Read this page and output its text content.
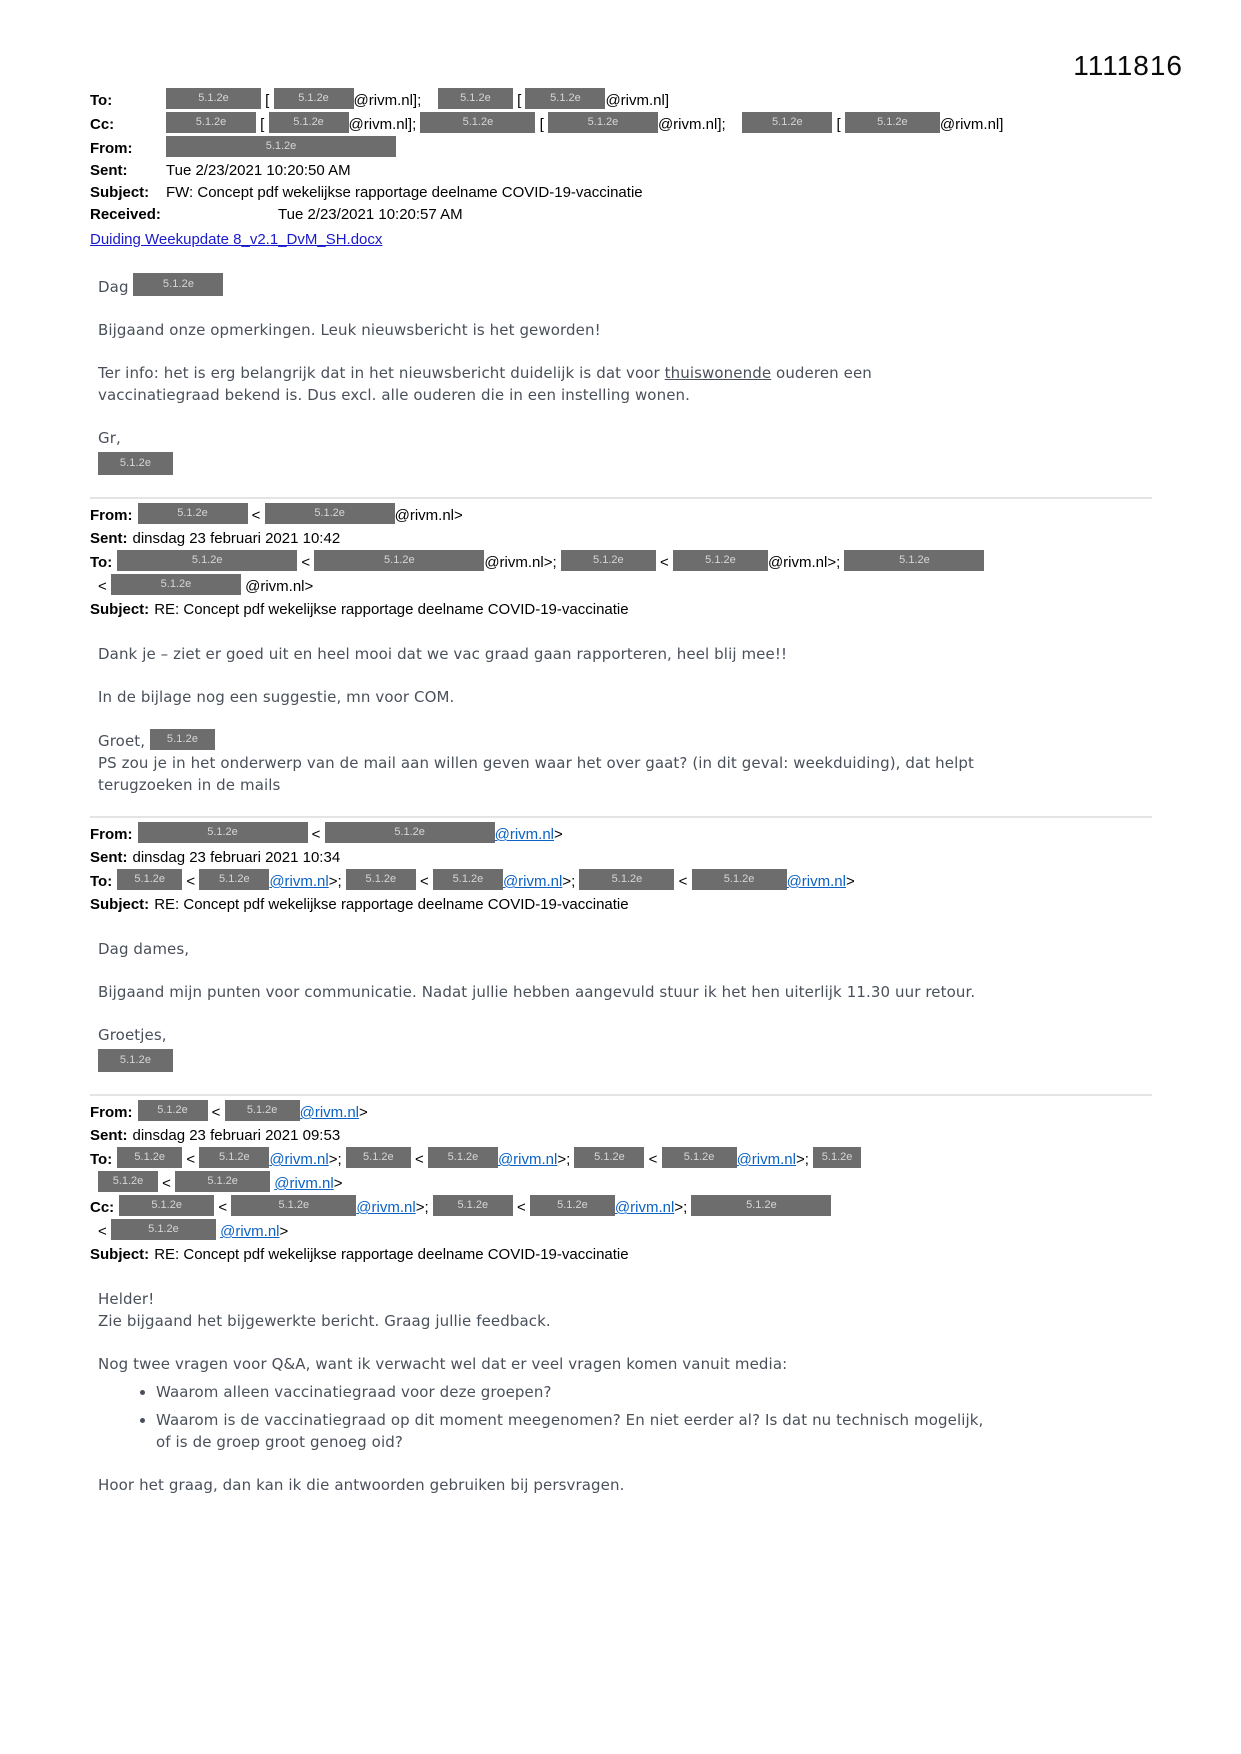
1111816
To:	5.1.2e [	5.1.2e @rivm.nl];	5.1.2e [	5.1.2e @rivm.nl]
Cc:	5.1.2e [	5.1.2e @rivm.nl];	5.1.2e	[	5.1.2e	@rivm.nl];	5.1.2e [	5.1.2e @rivm.nl]
From:	5.1.2e
Sent:	Tue 2/23/2021 10:20:50 AM
Subject: FW: Concept pdf wekelijkse rapportage deelname COVID-19-vaccinatie
Received:	Tue 2/23/2021 10:20:57 AM
Duiding Weekupdate 8_v2.1_DvM_SH.docx
Dag	5.1.2e
Bijgaand onze opmerkingen. Leuk nieuwsbericht is het geworden!
Ter info: het is erg belangrijk dat in het nieuwsbericht duidelijk is dat voor thuiswonende ouderen een
vaccinatiegraad bekend is. Dus excl. alle ouderen die in een instelling wonen.
Gr,
5.1.2e
From:	5.1.2e	<	5.1.2e	@rivm.nl>
Sent: dinsdag 23 februari 2021 10:42
To:	5.1.2e	<	5.1.2e	@rivm.nl>;	5.1.2e <	5.1.2e @rivm.nl>;	5.1.2e
<	5.1.2e	@rivm.nl>
Subject: RE: Concept pdf wekelijkse rapportage deelname COVID-19-vaccinatie
Dank je – ziet er goed uit en heel mooi dat we vac graad gaan rapporteren, heel blij mee!!
In de bijlage nog een suggestie, mn voor COM.
Groet, 5.1.2e
PS zou je in het onderwerp van de mail aan willen geven waar het over gaat? (in dit geval: weekduiding), dat helpt
terugzoeken in de mails
From:	5.1.2e	<	5.1.2e	@rivm.nl>
Sent: dinsdag 23 februari 2021 10:34
To: 5.1.2e < 5.1.2e @rivm.nl>; 5.1.2e < 5.1.2e @rivm.nl>;	5.1.2e <	5.1.2e @rivm.nl>
Subject: RE: Concept pdf wekelijkse rapportage deelname COVID-19-vaccinatie
Dag dames,
Bijgaand mijn punten voor communicatie. Nadat jullie hebben aangevuld stuur ik het hen uiterlijk 11.30 uur retour.
Groetjes,
5.1.2e
From: 5.1.2e < 5.1.2e @rivm.nl>
Sent: dinsdag 23 februari 2021 09:53
To: 5.1.2e < 5.1.2e @rivm.nl>; 5.1.2e < 5.1.2e @rivm.nl>; 5.1.2e < 5.1.2e @rivm.nl>; 5.1.2e
5.1.2e <	5.1.2e @rivm.nl>
Cc:	5.1.2e <	5.1.2e	@rivm.nl>;	5.1.2e <	5.1.2e @rivm.nl>;	5.1.2e
<	5.1.2e	@rivm.nl>
Subject: RE: Concept pdf wekelijkse rapportage deelname COVID-19-vaccinatie
Helder!
Zie bijgaand het bijgewerkte bericht. Graag jullie feedback.
Nog twee vragen voor Q&A, want ik verwacht wel dat er veel vragen komen vanuit media:
• Waarom alleen vaccinatiegraad voor deze groepen?
• Waarom is de vaccinatiegraad op dit moment meegenomen? En niet eerder al? Is dat nu technisch mogelijk,
of is de groep groot genoeg oid?
Hoor het graag, dan kan ik die antwoorden gebruiken bij persvragen.
